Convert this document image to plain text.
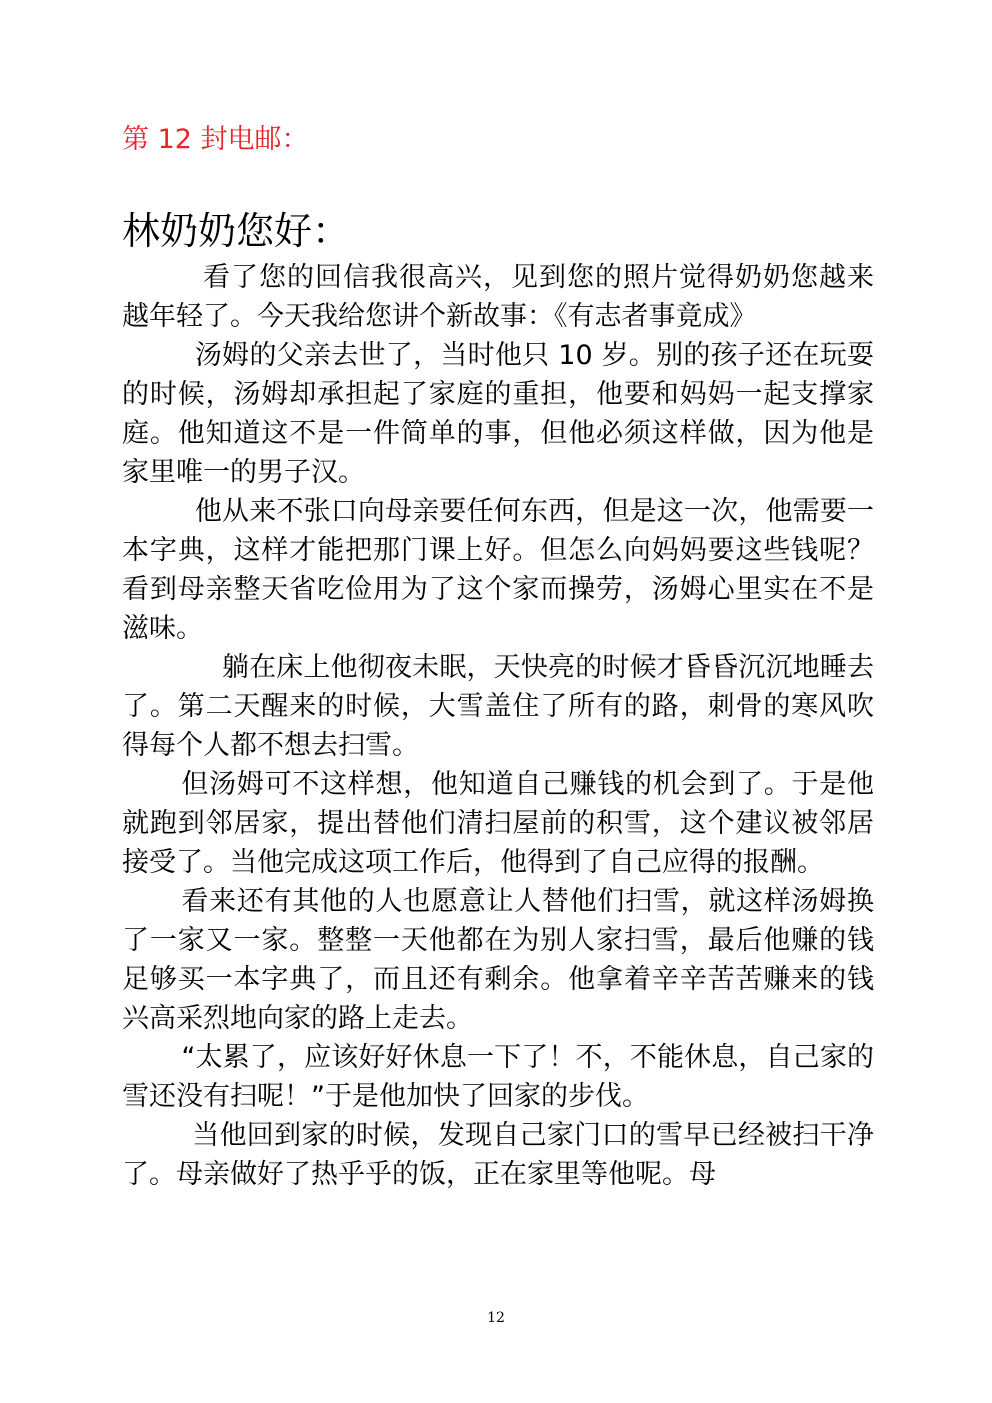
第 12 封电邮：
林奶奶您好：

看了您的回信我很高兴，见到您的照片觉得奶奶您越来越年轻了。今天我给您讲个新故事：《有志者事竟成》

汤姆的父亲去世了，当时他只 10 岁。别的孩子还在玩耍的时候，汤姆却承担起了家庭的重担，他要和妈妈一起支撑家庭。他知道这不是一件简单的事，但他必须这样做，因为他是家里唯一的男子汉。

他从来不张口向母亲要任何东西，但是这一次，他需要一本字典，这样才能把那门课上好。但怎么向妈妈要这些钱呢？看到母亲整天省吃俭用为了这个家而操劳，汤姆心里实在不是滋味。

躺在床上他彻夜未眠，天快亮的时候才昏昏沉沉地睡去了。第二天醒来的时候，大雪盖住了所有的路，刺骨的寒风吹得每个人都不想去扫雪。

但汤姆可不这样想，他知道自己赚钱的机会到了。于是他就跑到邻居家，提出替他们清扫屋前的积雪，这个建议被邻居接受了。当他完成这项工作后，他得到了自己应得的报酬。

看来还有其他的人也愿意让人替他们扫雪，就这样汤姆换了一家又一家。整整一天他都在为别人家扫雪，最后他赚的钱足够买一本字典了，而且还有剩余。他拿着辛辛苦苦赚来的钱兴高采烈地向家的路上走去。

“太累了，应该好好休息一下了！不，不能休息，自己家的雪还没有扫呢！”于是他加快了回家的步伐。

当他回到家的时候，发现自己家门口的雪早已经被扫干净了。母亲做好了热乎乎的饭，正在家里等他呢。母

12
